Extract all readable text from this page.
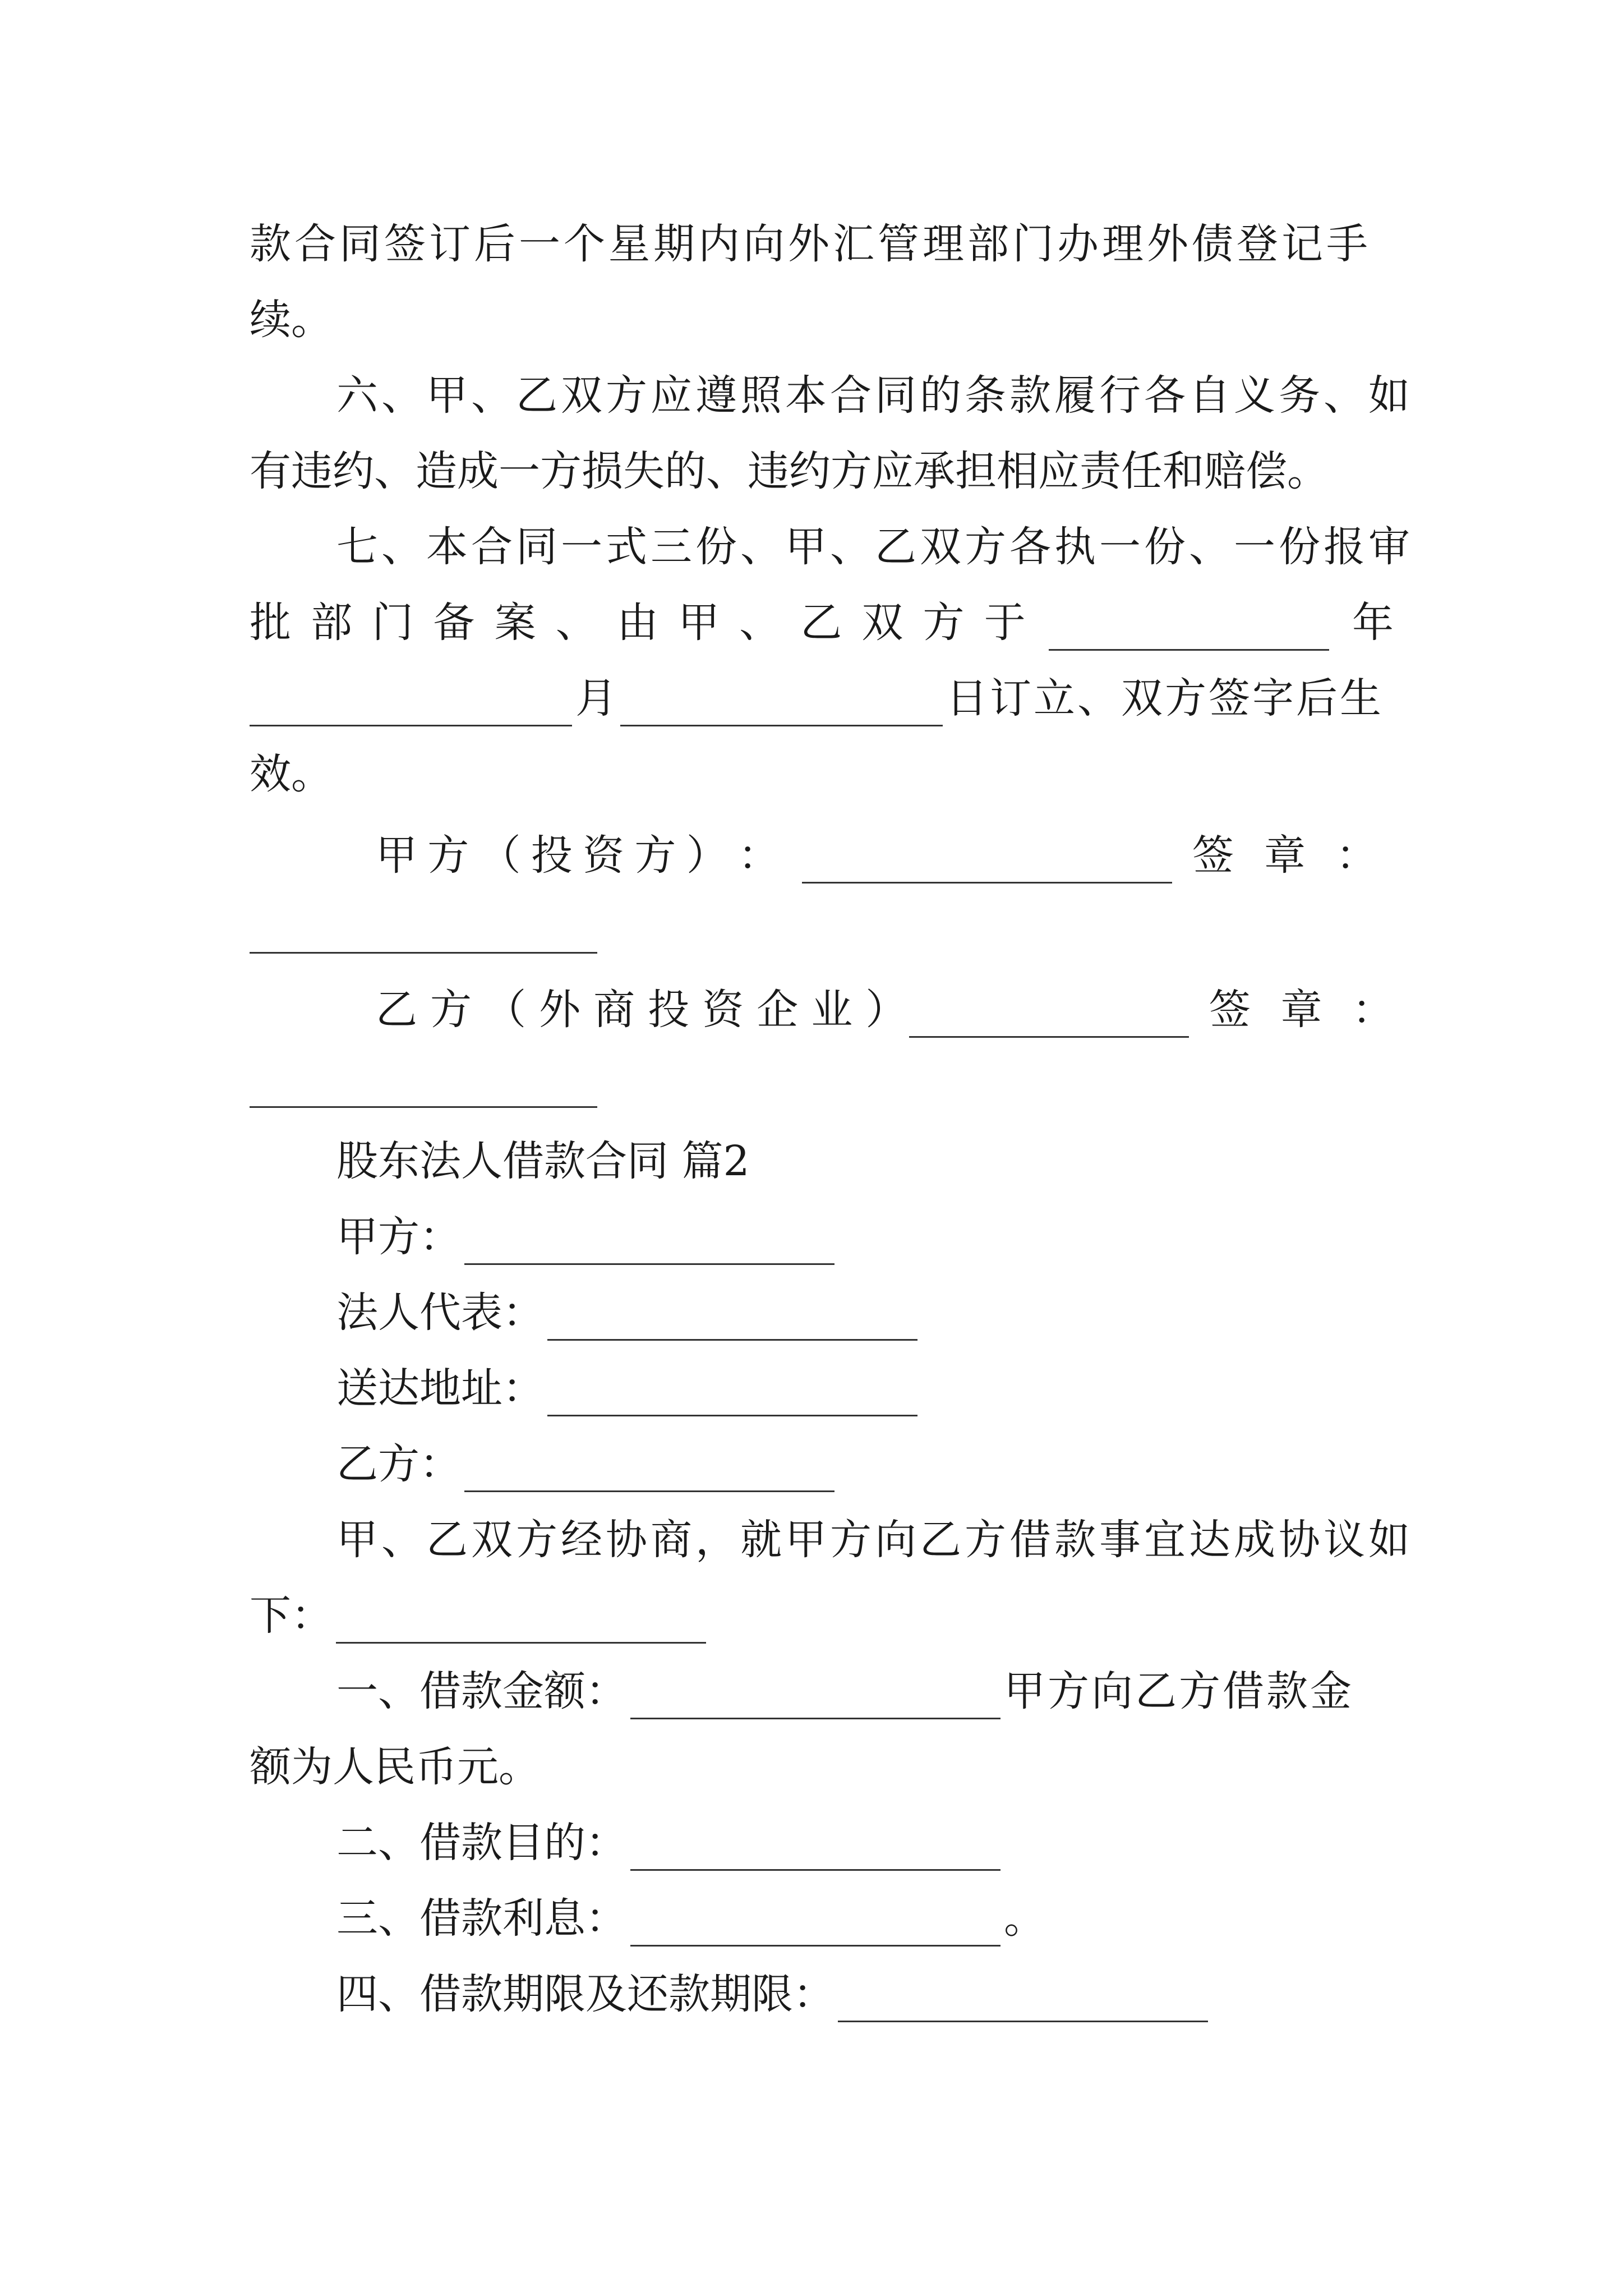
款合同签订后一个星期内向外汇管理部门办理外债登记手
续。
六、甲、乙双方应遵照本合同的条款履行各自义务、如
有违约、造成一方损失的、违约方应承担相应责任和赔偿。
七、本合同一式三份、甲、乙双方各执一份、一份报审
批 部 门 备 案 、 由 甲 、 乙 双 方 于	年
月	日订立、双方签字后生
效。
甲 方 （ 投 资 方 ） ：	签 章 ：
乙 方 （ 外 商 投 资 企 业 ）	签 章 ：
股东法人借款合同 篇2
甲方：
法人代表：
送达地址：
乙方：
甲、乙双方经协商，就甲方向乙方借款事宜达成协议如
下：
一、借款金额：	甲方向乙方借款金
额为人民币元。
二、借款目的：
三、借款利息：	。
四、借款期限及还款期限：
